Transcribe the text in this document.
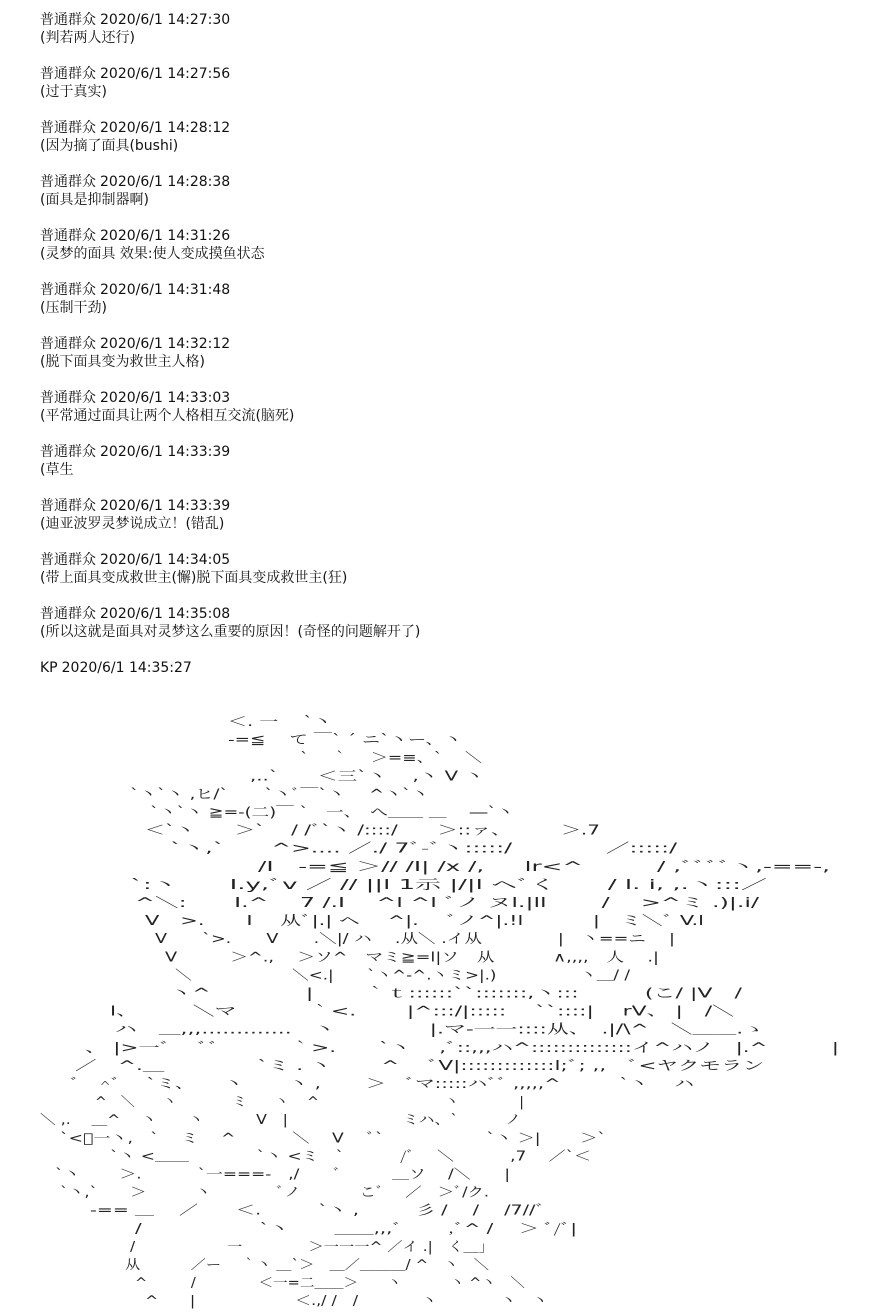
普通群众 2020/6/1 14:27:30
(判若两人还行)
普通群众 2020/6/1 14:27:56
(过于真实)
普通群众 2020/6/1 14:28:12
(因为摘了面具(bushi)
普通群众 2020/6/1 14:28:38
(面具是抑制器啊)
普通群众 2020/6/1 14:31:26
(灵梦的面具 效果:使人变成摸鱼状态
普通群众 2020/6/1 14:31:48
(压制干劲)
普通群众 2020/6/1 14:32:12
(脱下面具变为救世主人格)
普通群众 2020/6/1 14:33:03
(平常通过面具让两个人格相互交流(脑死)
普通群众 2020/6/1 14:33:39
(草生
普通群众 2020/6/1 14:33:39
(迪亚波罗灵梦说成立！(错乱)
普通群众 2020/6/1 14:34:05
(带上面具变成救世主(懈)脱下面具变成救世主(狂)
普通群众 2020/6/1 14:35:08
(所以这就是面具对灵梦这么重要的原因！(奇怪的问题解开了)
KP 2020/6/1 14:35:27
＜. 一　 `丶
-=≦　 て ￣` ´ ニ`丶ー、丶
`　 ｀　 ＞=≡、`　 ＼
,..`　　＜三`丶　 ,丶 V 丶
`丶`丶 ,ヒ/`　　`丶ﾞ￣`丶　 ^丶`丶
`丶`丶 ≧=-(二)￣ `　一、　へ＿＿ ＿　 ―`丶
＜`丶　　＞`　 / /ﾞ`丶 /::::/　　＞::ァ、　　　＞.7
`丶,`　　^>.... ／./ 7ﾞ-ﾞ丶:::::/　　　　／:::::/
/I　-=≦ ＞// /I| /x /, 　 lr<^　　　/ ,ﾞﾞﾞﾞ丶,-==-,
`:丶　　I.y,ﾞv ／ // ||l 1示 |/|l ヘﾞく　　/ l. i, ,.丶:::／
^＼:　　I.^　 7 /.I 　^l ^l ﾞノ ヌl.|ll　　 /　 >^ミ .)|.i/
V　>.　　I　 从ﾞ|.| ヘ 　^|. 　ﾞノ^|.!l　　　 |　ミ＼ﾞ V.l
V　　`>.　　V　　.＼|/ ハ　 .从＼ .イ从　　　　 |　丶==ニ　 |
V　　　＞^.,　 ＞ソ^　マミ≧=l|ソ　从　　　 ∧,,,,　人　 .|
＼　　　　　　＼<.|　　`丶^-^.丶ミ>|.)　　　　　丶＿/ /
丶^　　　　 |　　 ｀ｔ::::::``:::::::,丶:::　　　(こ/ |V　/
l、　　　＼マ　　　 ｀<.　　 |^:::/|:::::　 ``::::|　 rV、 |　/＼
ハ　＿,,,.............　丶　　　　 |.マ-一一::::从、　.|/\^　＼＿＿.ゝ
、 |>一ﾞ　 ﾞﾞ　　　 ｀>.　　`丶　 ,ﾞ::,,,ハ^::::::::::::::イ^ハノ　|.^　　　|
／　^.＿　　　　 `ミ . 丶　　 ^　 ﾞV|:::::::::::::l;ﾞ; ,,　ﾞ<ヤクモラン
ﾞ　^ﾞ　 `ミ、　　丶　　 丶 ,　　 ＞　ﾞマ:::::ハﾞﾞ ,,,,,^　　　`丶　 ハ
^　＼　　丶　　　　ミ　　丶　 ^　　　　　　　　　丶　　　　 |
＼ ,.　 ＿^　 丶　　丶　　　 V　|　　　　　　　 ミハ、`　　　ノ
`<ﾞ一丶,　`　 ミ 　^ 　　　＼　 V　 ﾞ`　　　　　　`丶 ＞|　　 ＞`
`丶 <＿＿　　　　`丶 <ミ　`　　　 /ﾞ　 ＼　　　 ,7　 ／`＜
`丶　　 ＞.　　　 `一===-　,/　　ﾞ　　　＿ソ　 /＼　　|
`丶,`　　＞　　　丶　　　　ﾞノ 　　　 こﾞ　 ／　＞ﾞ/ク.
-== ＿　 ／　　＜.　　　`丶 ,　　　彡 /　 /　 /7//ﾞ
/　　　　　　`丶　　 ＿＿,,,ﾞ　　 ,ﾞ^ /　 ＞ ﾞ/ﾞ|
/　　　　　　一　　　　 ＞一一一^ ／イ .|　く＿」
从　　　 ／ー　 ｀丶 ＿`＞　＿／＿＿＿/ ^　丶　＼
^　　　/　　　　 ＜一=二＿＿＞　　丶　　　 丶 ^丶　＼
^　　|　　　　　　 ＜.,/ /　/　　　　丶　　　　丶　丶
